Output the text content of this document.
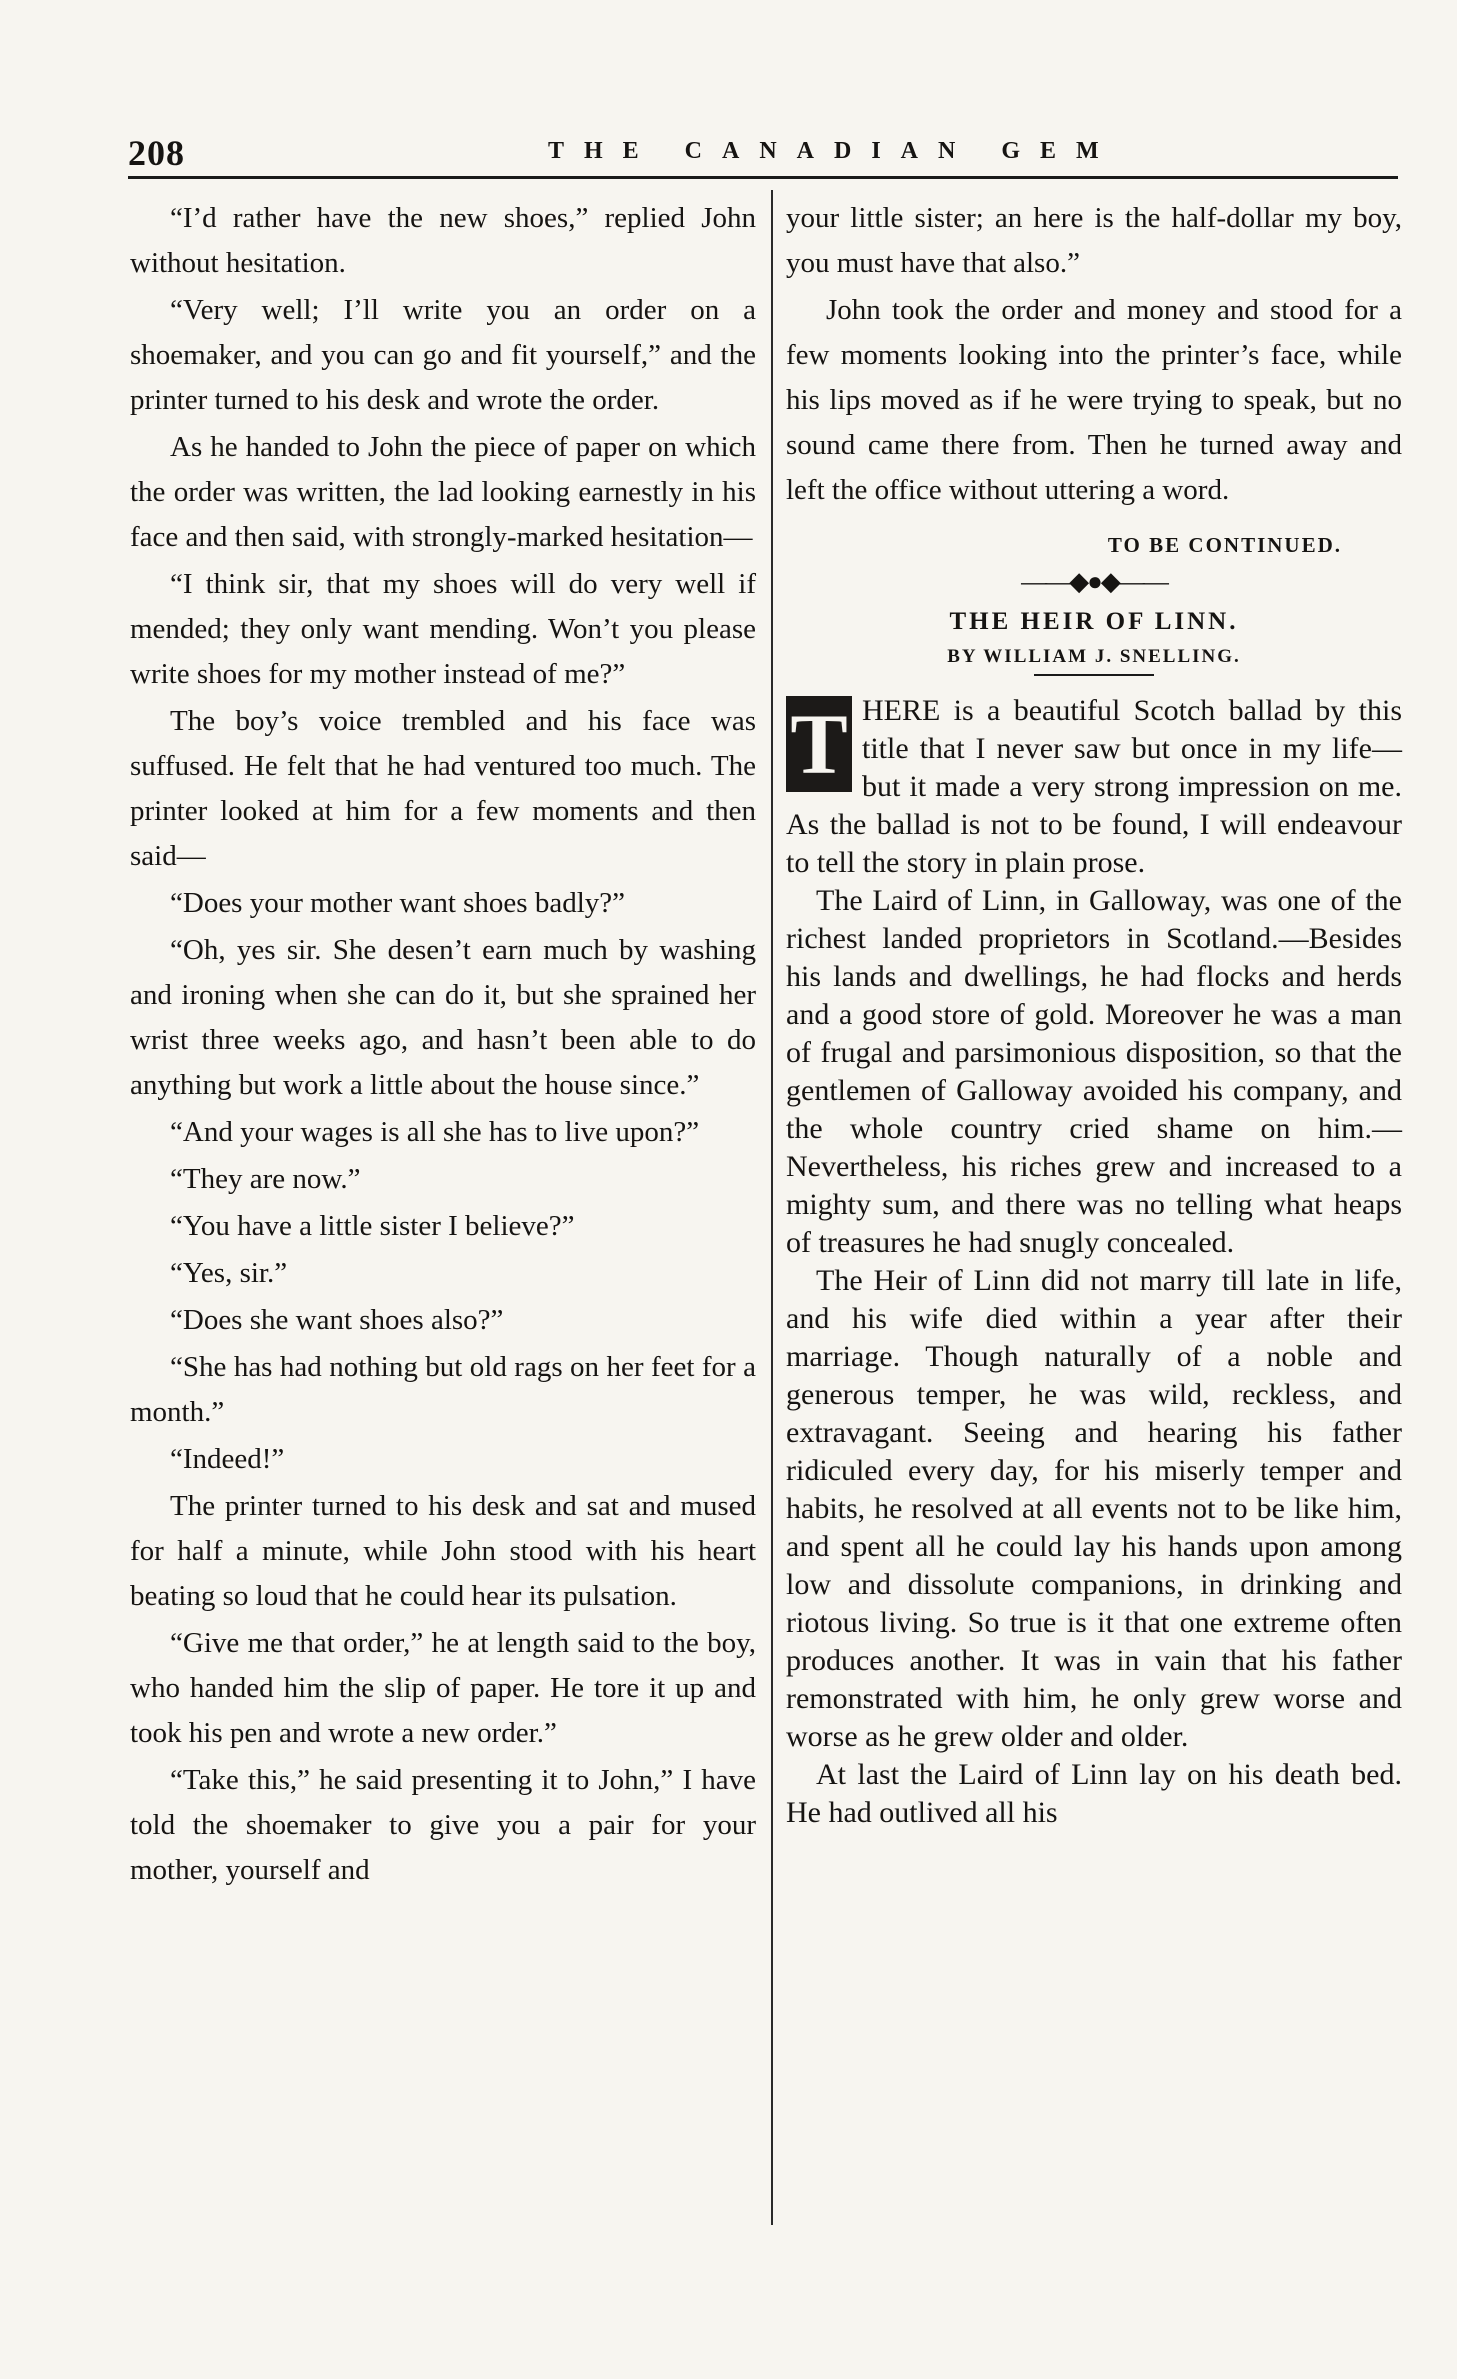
208	THE CANADIAN GEM

“I’d rather have the new shoes,” replied John without hesitation.

“Very well; I’ll write you an order on a shoemaker, and you can go and fit yourself,” and the printer turned to his desk and wrote the order.

As he handed to John the piece of paper on which the order was written, the lad looking earnestly in his face and then said, with strongly-marked hesitation—

“I think sir, that my shoes will do very well if mended; they only want mending. Won’t you please write shoes for my mother instead of me?”

The boy’s voice trembled and his face was suffused. He felt that he had ventured too much. The printer looked at him for a few moments and then said—

“Does your mother want shoes badly?”

“Oh, yes sir. She desen’t earn much by washing and ironing when she can do it, but she sprained her wrist three weeks ago, and hasn’t been able to do anything but work a little about the house since.”

“And your wages is all she has to live upon?”

“They are now.”

“You have a little sister I believe?”

“Yes, sir.”

“Does she want shoes also?”

“She has had nothing but old rags on her feet for a month.”

“Indeed!”

The printer turned to his desk and sat and mused for half a minute, while John stood with his heart beating so loud that he could hear its pulsation.

“Give me that order,” he at length said to the boy, who handed him the slip of paper. He tore it up and took his pen and wrote a new order.”

“Take this,” he said presenting it to John,” I have told the shoemaker to give you a pair for your mother, yourself and

your little sister; an here is the half-dollar my boy, you must have that also.”

John took the order and money and stood for a few moments looking into the printer’s face, while his lips moved as if he were trying to speak, but no sound came there from. Then he turned away and left the office without uttering a word.

TO BE CONTINUED.
——◆●◆——
THE HEIR OF LINN.
BY WILLIAM J. SNELLING.

T HERE is a beautiful Scotch ballad by this title that I never saw but once in my life—but it made a very strong impression on me. As the ballad is not to be found, I will endeavour to tell the story in plain prose.

The Laird of Linn, in Galloway, was one of the richest landed proprietors in Scotland.—Besides his lands and dwellings, he had flocks and herds and a good store of gold. Moreover he was a man of frugal and parsimonious disposition, so that the gentlemen of Galloway avoided his company, and the whole country cried shame on him.—Nevertheless, his riches grew and increased to a mighty sum, and there was no telling what heaps of treasures he had snugly concealed.

The Heir of Linn did not marry till late in life, and his wife died within a year after their marriage. Though naturally of a noble and generous temper, he was wild, reckless, and extravagant. Seeing and hearing his father ridiculed every day, for his miserly temper and habits, he resolved at all events not to be like him, and spent all he could lay his hands upon among low and dissolute companions, in drinking and riotous living. So true is it that one extreme often produces another. It was in vain that his father remonstrated with him, he only grew worse and worse as he grew older and older.

At last the Laird of Linn lay on his death bed. He had outlived all his
